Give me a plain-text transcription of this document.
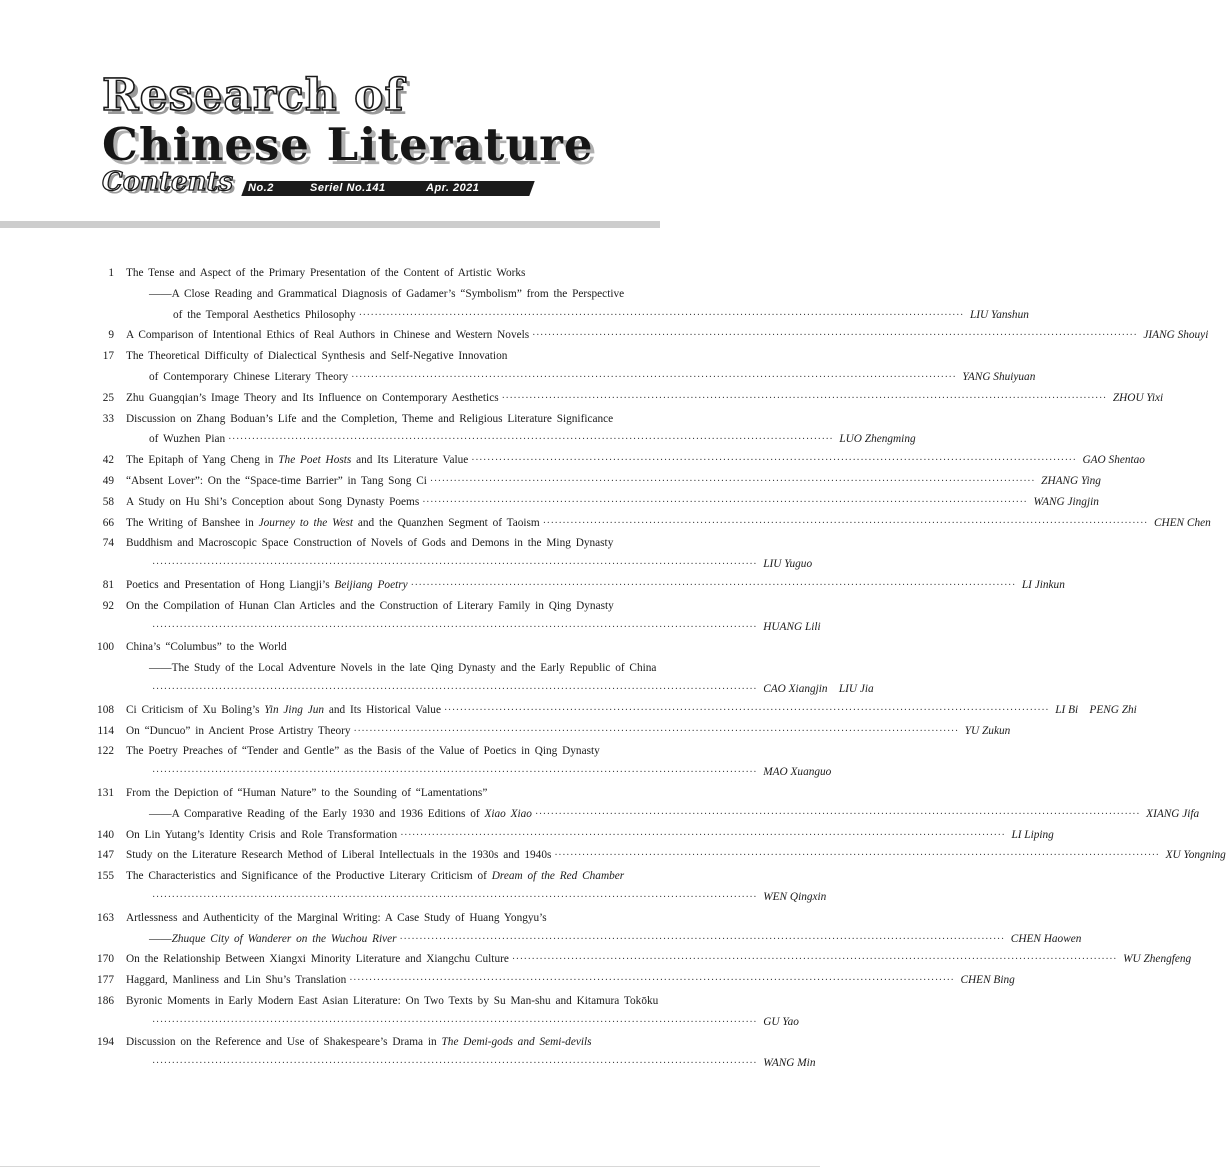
Research of
Chinese Literature
Contents No.2	Seriel No.141	Apr. 2021
1 The Tense and Aspect of the Primary Presentation of the Content of Artistic Works
——A Close Reading and Grammatical Diagnosis of Gadamer’s “Symbolism” from the Perspective
of the Temporal Aesthetics Philosophy ·····	LIU Yanshun
9 A Comparison of Intentional Ethics of Real Authors in Chinese and Western Novels ·····	JIANG Shouyi
17 The Theoretical Difficulty of Dialectical Synthesis and Self-Negative Innovation
of Contemporary Chinese Literary Theory ·····	YANG Shuiyuan
25 Zhu Guangqian’s Image Theory and Its Influence on Contemporary Aesthetics ·····	ZHOU Yixi
33 Discussion on Zhang Boduan’s Life and the Completion, Theme and Religious Literature Significance
of Wuzhen Pian ·····	LUO Zhengming
42 The Epitaph of Yang Cheng in The Poet Hosts and Its Literature Value ·····	GAO Shentao
49 “Absent Lover”: On the “Space-time Barrier” in Tang Song Ci ·····	ZHANG Ying
58 A Study on Hu Shi’s Conception about Song Dynasty Poems ·····	WANG Jingjin
66 The Writing of Banshee in Journey to the West and the Quanzhen Segment of Taoism ·····	CHEN Chen
74 Buddhism and Macroscopic Space Construction of Novels of Gods and Demons in the Ming Dynasty
·····
LIU Yuguo
81 Poetics and Presentation of Hong Liangji’s Beijiang Poetry ·····	LI Jinkun
92 On the Compilation of Hunan Clan Articles and the Construction of Literary Family in Qing Dynasty
·····
HUANG Lili
100 China’s “Columbus” to the World
——The Study of the Local Adventure Novels in the late Qing Dynasty and the Early Republic of China
·····
CAO Xiangjin    LIU Jia
108 Ci Criticism of Xu Boling’s Yin Jing Jun and Its Historical Value ·····	LI Bi    PENG Zhi
114 On “Duncuo” in Ancient Prose Artistry Theory ·····	YU Zukun
122 The Poetry Preaches of “Tender and Gentle” as the Basis of the Value of Poetics in Qing Dynasty
·····
MAO Xuanguo
131 From the Depiction of “Human Nature” to the Sounding of “Lamentations”
——A Comparative Reading of the Early 1930 and 1936 Editions of Xiao Xiao ·····	XIANG Jifa
140 On Lin Yutang’s Identity Crisis and Role Transformation ·····	LI Liping
147 Study on the Literature Research Method of Liberal Intellectuals in the 1930s and 1940s ·····	XU Yongning
155 The Characteristics and Significance of the Productive Literary Criticism of Dream of the Red Chamber
·····
WEN Qingxin
163 Artlessness and Authenticity of the Marginal Writing: A Case Study of Huang Yongyu’s
——Zhuque City of Wanderer on the Wuchou River ·····	CHEN Haowen
170 On the Relationship Between Xiangxi Minority Literature and Xiangchu Culture ·····	WU Zhengfeng
177 Haggard, Manliness and Lin Shu’s Translation ·····	CHEN Bing
186 Byronic Moments in Early Modern East Asian Literature: On Two Texts by Su Man-shu and Kitamura Tokōku
·····
GU Yao
194 Discussion on the Reference and Use of Shakespeare’s Drama in The Demi-gods and Semi-devils
·····
WANG Min
